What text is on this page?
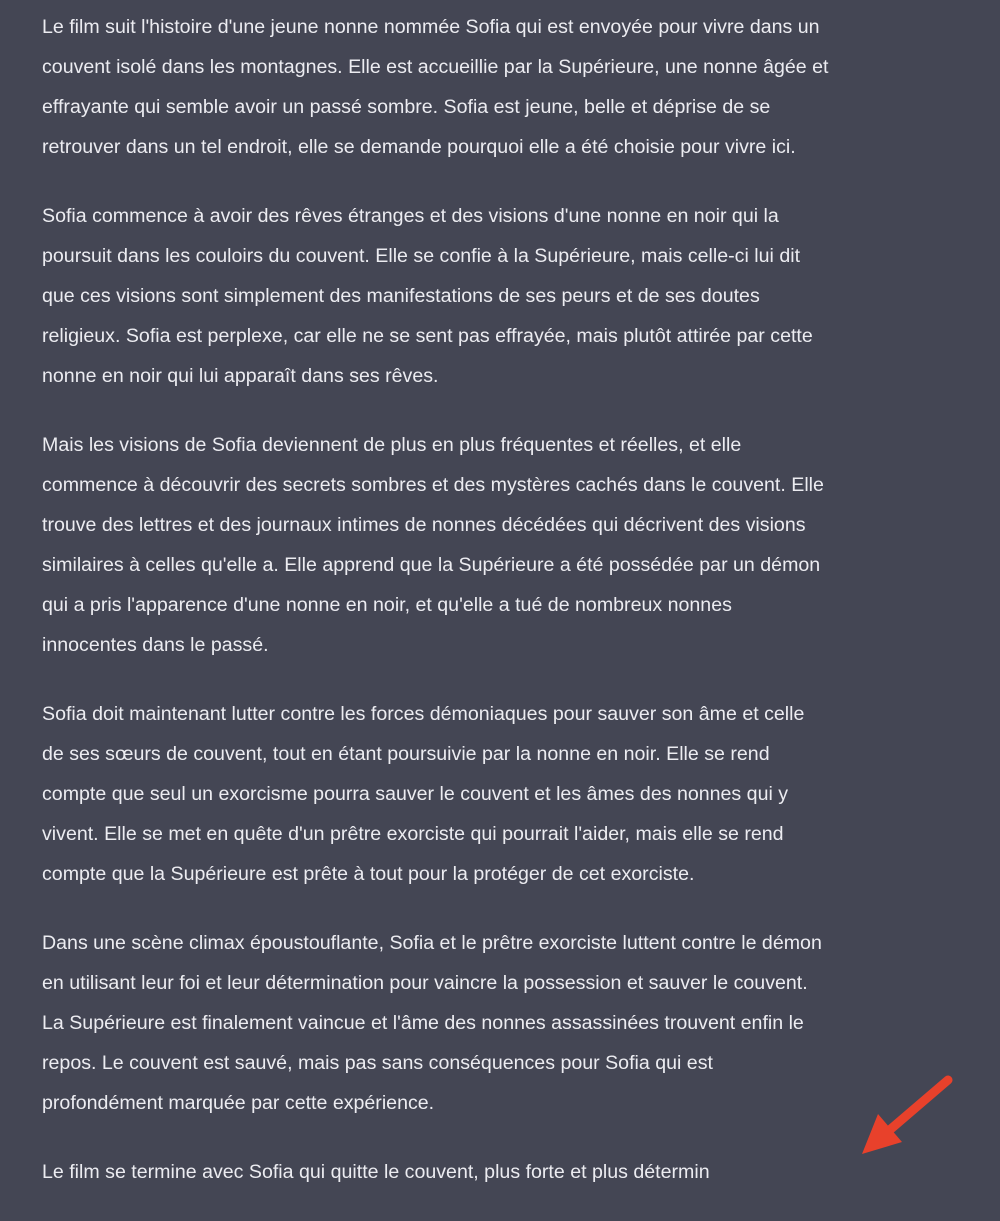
Le film suit l'histoire d'une jeune nonne nommée Sofia qui est envoyée pour vivre dans un
couvent isolé dans les montagnes. Elle est accueillie par la Supérieure, une nonne âgée et
effrayante qui semble avoir un passé sombre. Sofia est jeune, belle et déprise de se
retrouver dans un tel endroit, elle se demande pourquoi elle a été choisie pour vivre ici.

Sofia commence à avoir des rêves étranges et des visions d'une nonne en noir qui la
poursuit dans les couloirs du couvent. Elle se confie à la Supérieure, mais celle-ci lui dit
que ces visions sont simplement des manifestations de ses peurs et de ses doutes
religieux. Sofia est perplexe, car elle ne se sent pas effrayée, mais plutôt attirée par cette
nonne en noir qui lui apparaît dans ses rêves.

Mais les visions de Sofia deviennent de plus en plus fréquentes et réelles, et elle
commence à découvrir des secrets sombres et des mystères cachés dans le couvent. Elle
trouve des lettres et des journaux intimes de nonnes décédées qui décrivent des visions
similaires à celles qu'elle a. Elle apprend que la Supérieure a été possédée par un démon
qui a pris l'apparence d'une nonne en noir, et qu'elle a tué de nombreux nonnes
innocentes dans le passé.

Sofia doit maintenant lutter contre les forces démoniaques pour sauver son âme et celle
de ses sœurs de couvent, tout en étant poursuivie par la nonne en noir. Elle se rend
compte que seul un exorcisme pourra sauver le couvent et les âmes des nonnes qui y
vivent. Elle se met en quête d'un prêtre exorciste qui pourrait l'aider, mais elle se rend
compte que la Supérieure est prête à tout pour la protéger de cet exorciste.

Dans une scène climax époustouflante, Sofia et le prêtre exorciste luttent contre le démon
en utilisant leur foi et leur détermination pour vaincre la possession et sauver le couvent.
La Supérieure est finalement vaincue et l'âme des nonnes assassinées trouvent enfin le
repos. Le couvent est sauvé, mais pas sans conséquences pour Sofia qui est
profondément marquée par cette expérience.

Le film se termine avec Sofia qui quitte le couvent, plus forte et plus détermin
